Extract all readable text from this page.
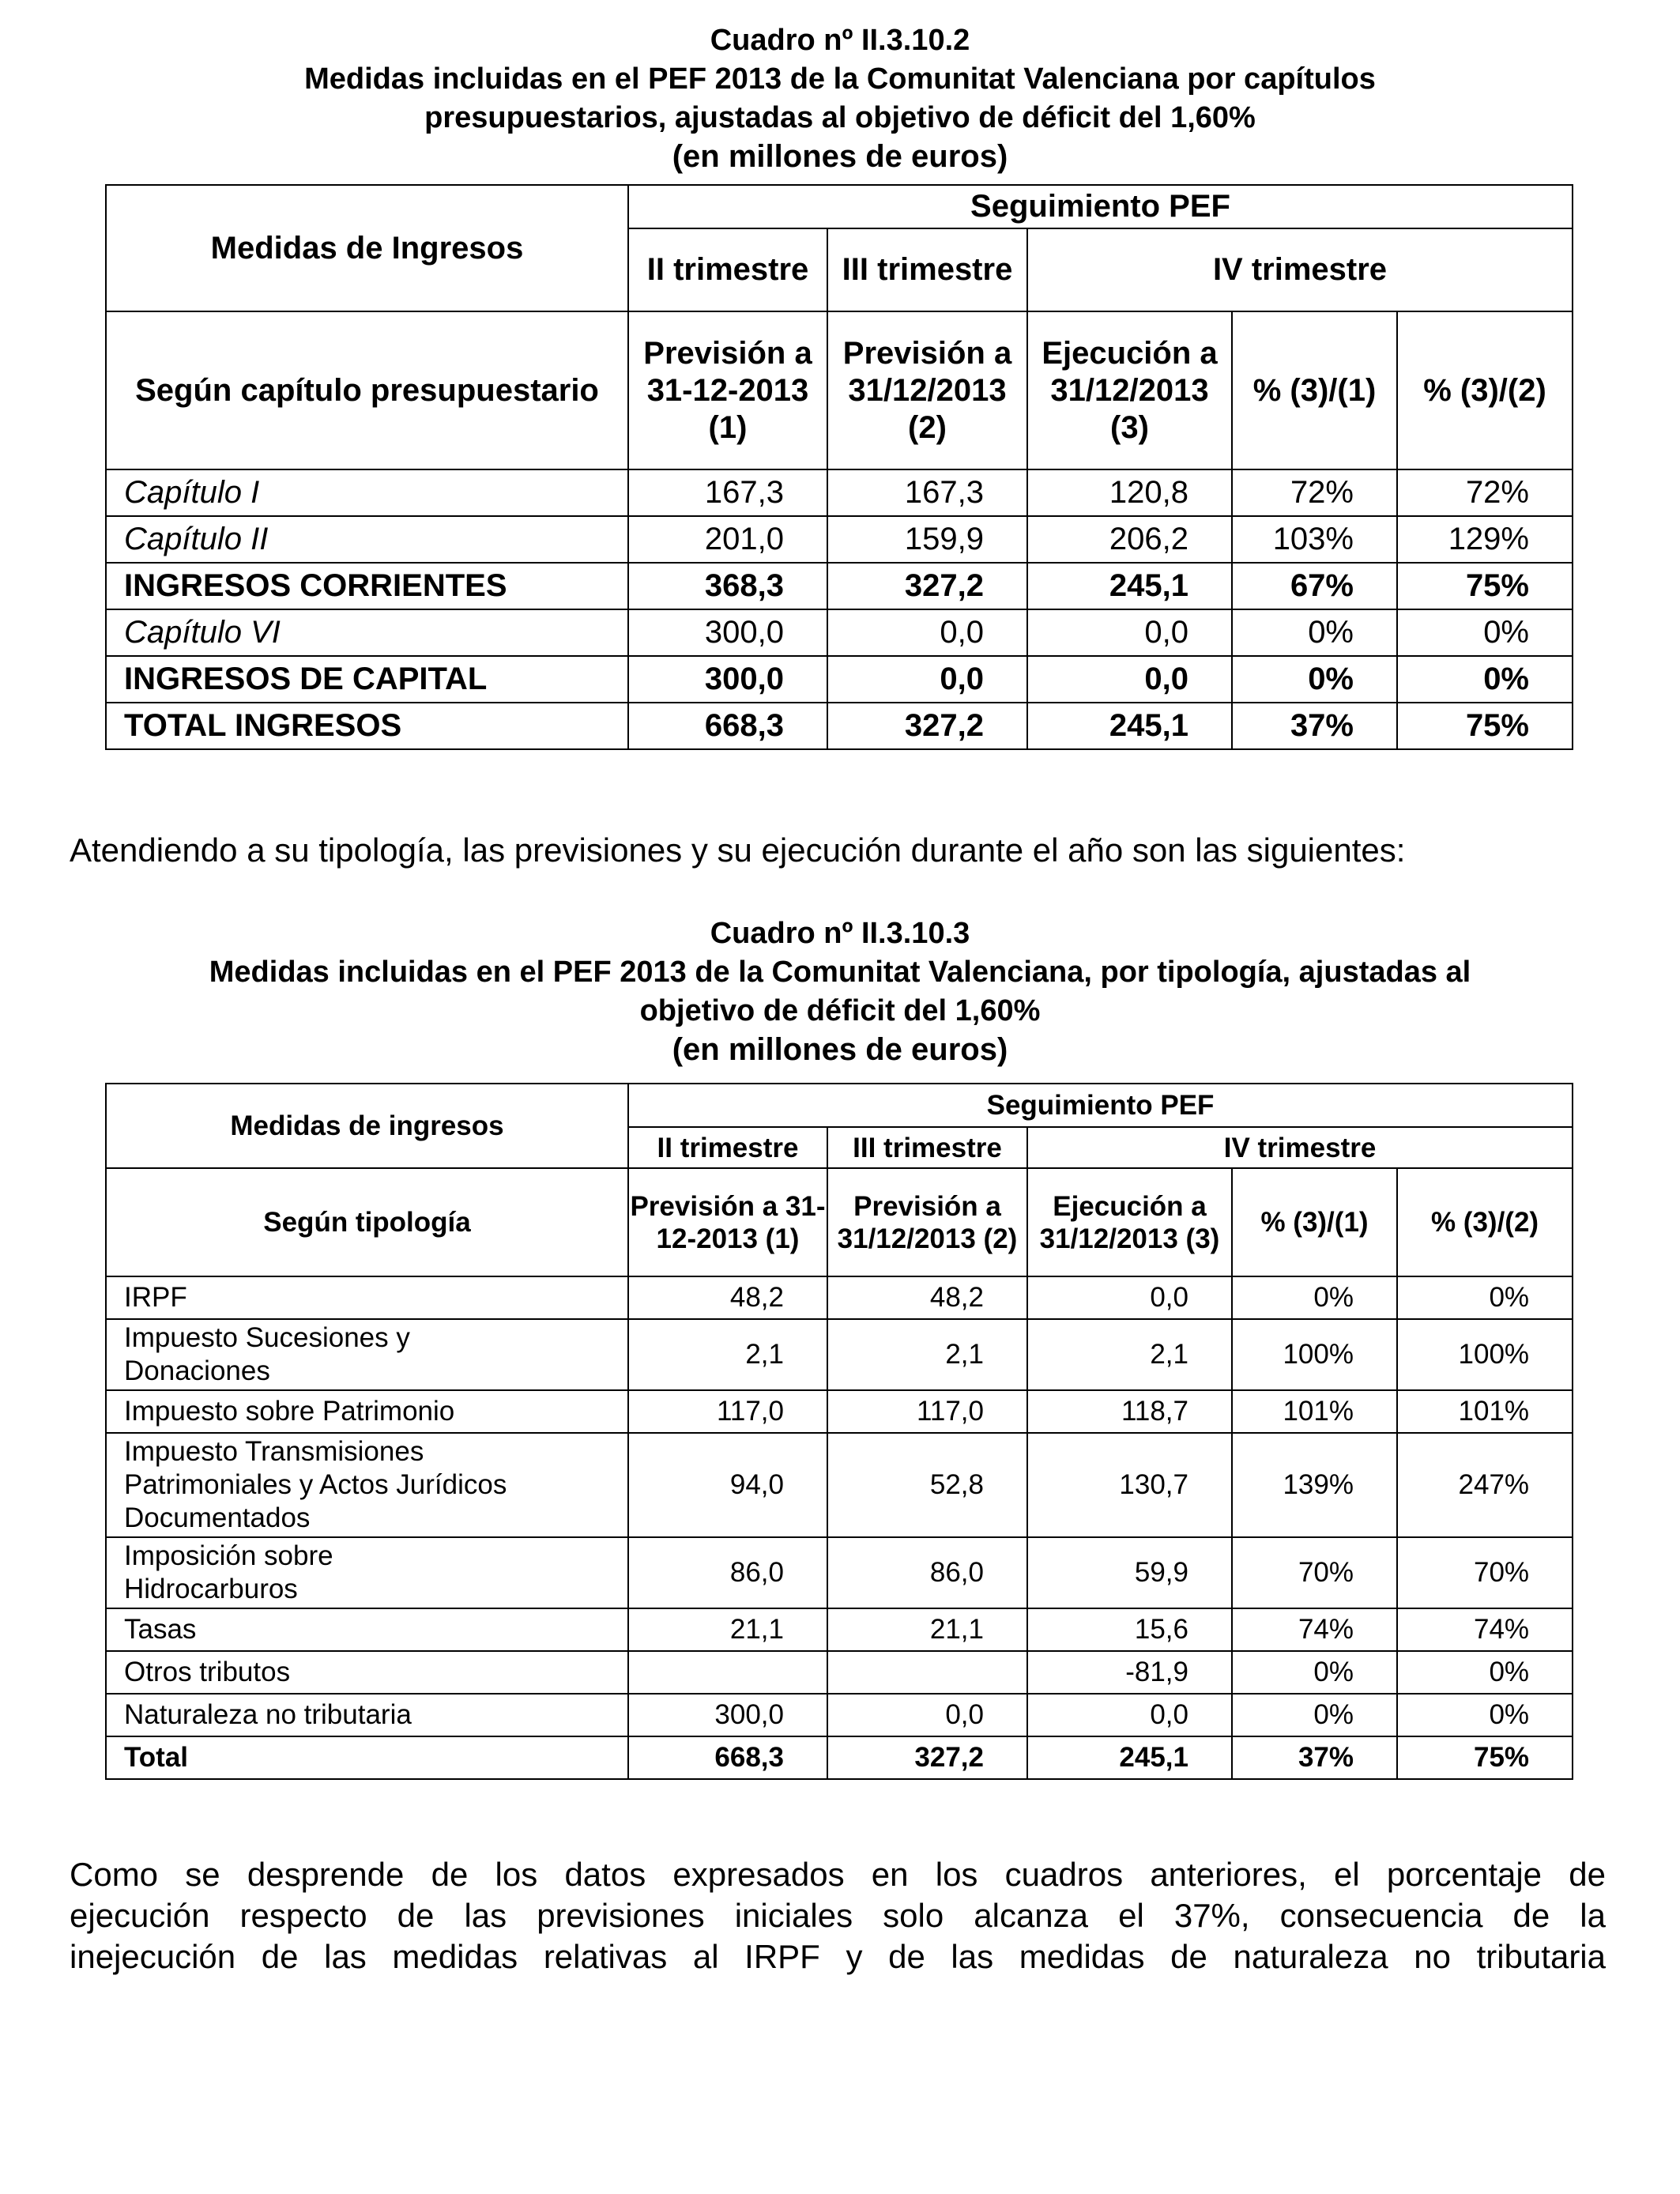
Cuadro nº II.3.10.2
Medidas incluidas en el PEF 2013 de la Comunitat Valenciana por capítulos
presupuestarios, ajustadas al objetivo de déficit del 1,60%
(en millones de euros)
Medidas de Ingresos	Seguimiento PEF				
	II trimestre	III trimestre	IV trimestre		
Según capítulo presupuestario	Previsión a 31-12-2013 (1)	Previsión a 31/12/2013 (2)	Ejecución a 31/12/2013 (3)	% (3)/(1)	% (3)/(2)
Capítulo I	167,3	167,3	120,8	72%	72%
Capítulo II	201,0	159,9	206,2	103%	129%
INGRESOS CORRIENTES	368,3	327,2	245,1	67%	75%
Capítulo VI	300,0	0,0	0,0	0%	0%
INGRESOS DE CAPITAL	300,0	0,0	0,0	0%	0%
TOTAL INGRESOS	668,3	327,2	245,1	37%	75%
Atendiendo a su tipología, las previsiones y su ejecución durante el año son las siguientes:
Cuadro nº II.3.10.3
Medidas incluidas en el PEF 2013 de la Comunitat Valenciana, por tipología, ajustadas al
objetivo de déficit del 1,60%
(en millones de euros)
Medidas de ingresos	Seguimiento PEF				
	II trimestre	III trimestre	IV trimestre		
Según tipología	Previsión a 31-12-2013 (1)	Previsión a 31/12/2013 (2)	Ejecución a 31/12/2013 (3)	% (3)/(1)	% (3)/(2)
IRPF	48,2	48,2	0,0	0%	0%

Impuesto Sucesiones y Donaciones	2,1	2,1	2,1	100%	100%
Impuesto sobre Patrimonio	117,0	117,0	118,7	101%	101%

Impuesto Transmisiones Patrimoniales y Actos Jurídicos Documentados	94,0	52,8	130,7	139%	247%

Imposición sobre Hidrocarburos	86,0	86,0	59,9	70%	70%
Tasas	21,1	21,1	15,6	74%	74%
Otros tributos			-81,9	0%	0%
Naturaleza no tributaria	300,0	0,0	0,0	0%	0%
Total	668,3	327,2	245,1	37%	75%
Como se desprende de los datos expresados en los cuadros anteriores, el porcentaje de
ejecución respecto de las previsiones iniciales solo alcanza el 37%, consecuencia de la
inejecución de las medidas relativas al IRPF y de las medidas de naturaleza no tributaria
